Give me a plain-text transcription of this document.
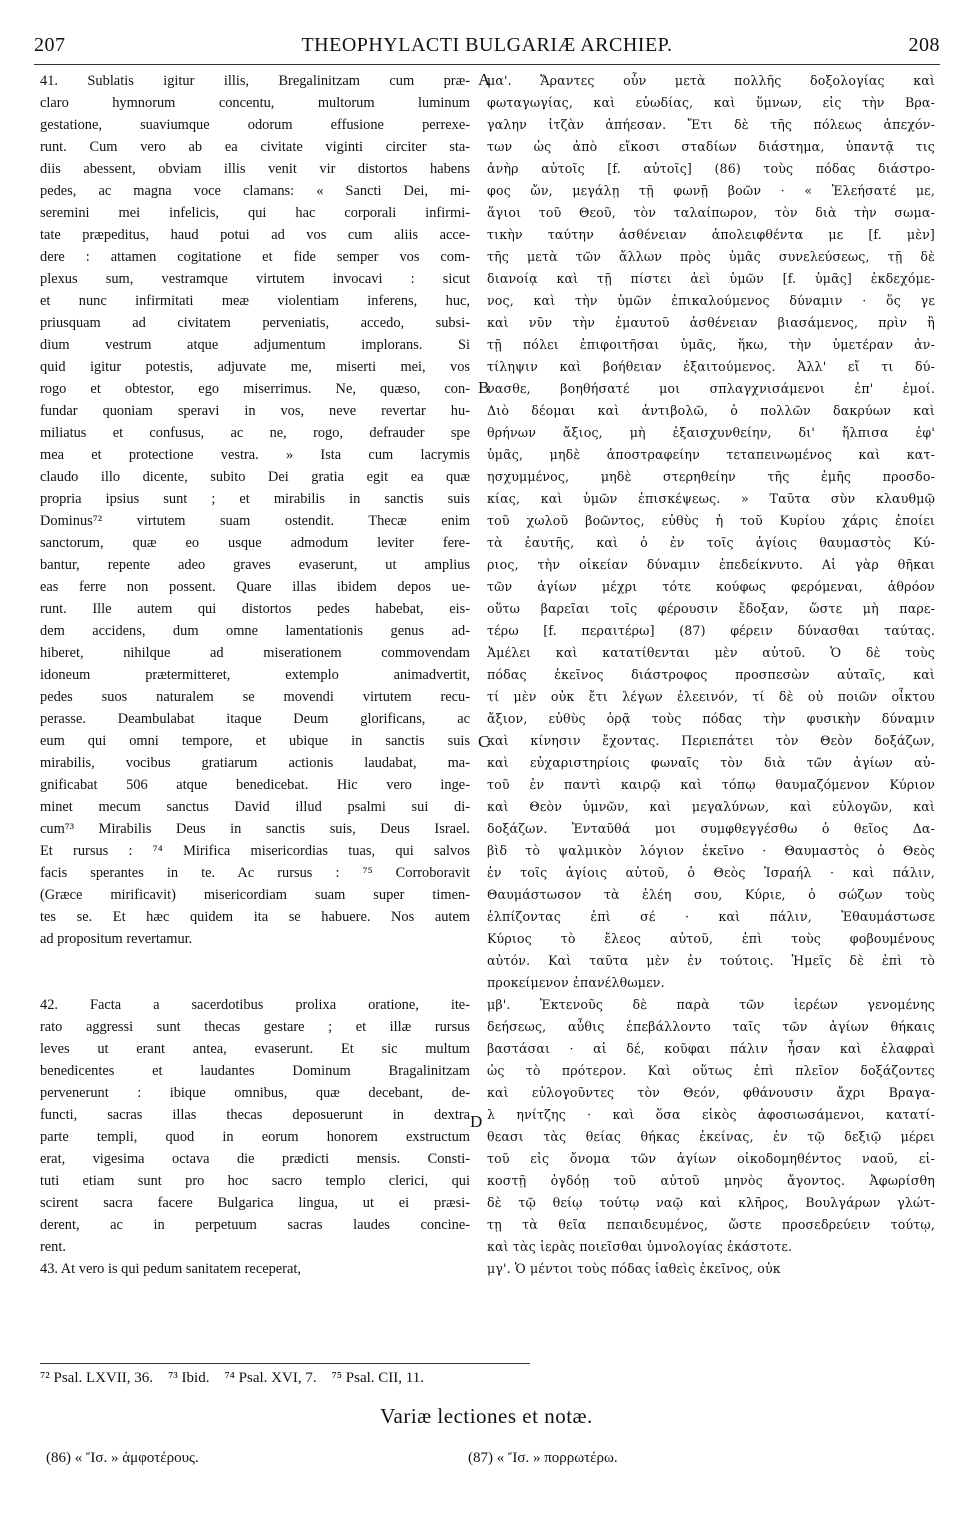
207	THEOPHYLACTI BULGARIÆ ARCHIEP.	208
41. Sublatis igitur illis, Bregalinitzam cum præ-
claro hymnorum concentu, multorum luminum
gestatione, suaviumque odorum effusione perrexe-
runt. Cum vero ab ea civitate viginti circiter sta-
diis abessent, obviam illis venit vir distortos habens
pedes, ac magna voce clamans: « Sancti Dei, mi-
seremini mei infelicis, qui hac corporali infirmi-
tate præpeditus, haud potui ad vos cum aliis acce-
dere : attamen cogitatione et fide semper vos com-
plexus sum, vestramque virtutem invocavi : sicut
et nunc infirmitati meæ violentiam inferens, huc,
priusquam ad civitatem perveniatis, accedo, subsi-
dium vestrum atque adjumentum implorans. Si
quid igitur potestis, adjuvate me, miserti mei, vos
rogo et obtestor, ego miserrimus. Ne, quæso, con-
fundar quoniam speravi in vos, neve revertar hu-
miliatus et confusus, ac ne, rogo, defrauder spe
mea et protectione vestra. » Ista cum lacrymis
claudo illo dicente, subito Dei gratia egit ea quæ
propria ipsius sunt ; et mirabilis in sanctis suis
Dominus⁷² virtutem suam ostendit. Thecæ enim
sanctorum, quæ eo usque admodum leviter fere-
bantur, repente adeo graves evaserunt, ut amplius
eas ferre non possent. Quare illas ibidem depos ue-
runt. Ille autem qui distortos pedes habebat, eis-
dem accidens, dum omne lamentationis genus ad-
hiberet, nihilque ad miserationem commovendam
idoneum prætermitteret, extemplo animadvertit,
pedes suos naturalem se movendi virtutem recu-
perasse. Deambulabat itaque Deum glorificans, ac
eum qui omni tempore, et ubique in sanctis suis
mirabilis, vocibus gratiarum actionis laudabat, ma-
gnificabat 506 atque benedicebat. Hic vero inge-
minet mecum sanctus David illud psalmi sui di-
cum⁷³ Mirabilis Deus in sanctis suis, Deus Israel.
Et rursus : ⁷⁴ Mirifica misericordias tuas, qui salvos
facis sperantes in te. Ac rursus : ⁷⁵ Corroboravit
(Græce mirificavit) misericordiam suam super timen-
tes se. Et hæc quidem ita se habuere. Nos autem
ad propositum revertamur.
42. Facta a sacerdotibus prolixa oratione, ite-
rato aggressi sunt thecas gestare ; et illæ rursus
leves ut erant antea, evaserunt. Et sic multum
benedicentes et laudantes Dominum Bragalinitzam
pervenerunt : ibique omnibus, quæ decebant, de-
functi, sacras illas thecas deposuerunt in dextra
parte templi, quod in eorum honorem exstructum
erat, vigesima octava die prædicti mensis. Consti-
tuti etiam sunt pro hoc sacro templo clerici, qui
scirent sacra facere Bulgarica lingua, ut ei præsi-
derent, ac in perpetuum sacras laudes concine-
rent.
43. At vero is qui pedum sanitatem receperat,
μα'. Ἄραντες οὖν μετὰ πολλῆς δοξολογίας καὶ
φωταγωγίας, καὶ εὐωδίας, καὶ ὕμνων, εἰς τὴν Βρα-
γαλην ἰτζὰν ἀπήεσαν. Ἔτι δὲ τῆς πόλεως ἀπεχόν-
των ὡς ἀπὸ εἴκοσι σταδίων διάστημα, ὑπαντᾷ τις
ἀνὴρ αὐτοῖς [f. αὐτοῖς] (86) τοὺς πόδας διάστρο-
φος ὤν, μεγάλῃ τῇ φωνῇ βοῶν · « Ἐλεήσατέ με,
ἅγιοι τοῦ Θεοῦ, τὸν ταλαίπωρον, τὸν διὰ τὴν σωμα-
τικὴν ταύτην ἀσθένειαν ἀπολειφθέντα με [f. μὲν]
τῆς μετὰ τῶν ἄλλων πρὸς ὑμᾶς συνελεύσεως, τῇ δὲ
διανοίᾳ καὶ τῇ πίστει ἀεὶ ὑμῶν [f. ὑμᾶς] ἐκδεχόμε-
νος, καὶ τὴν ὑμῶν ἐπικαλούμενος δύναμιν · ὅς γε
καὶ νῦν τὴν ἐμαυτοῦ ἀσθένειαν βιασάμενος, πρὶν ἢ
τῇ πόλει ἐπιφοιτῆσαι ὑμᾶς, ἥκω, τὴν ὑμετέραν ἀν-
τίληψιν καὶ βοήθειαν ἐξαιτούμενος. Ἀλλ' εἴ τι δύ-
νασθε, βοηθήσατέ μοι σπλαγχνισάμενοι ἐπ' ἐμοί.
Διὸ δέομαι καὶ ἀντιβολῶ, ὁ πολλῶν δακρύων καὶ
θρήνων ἄξιος, μὴ ἐξαισχυνθείην, δι' ἤλπισα ἐφ'
ὑμᾶς, μηδὲ ἀποστραφείην τεταπεινωμένος καὶ κατ-
ησχυμμένος, μηδὲ στερηθείην τῆς ἐμῆς προσδο-
κίας, καὶ ὑμῶν ἐπισκέψεως. » Ταῦτα σὺν κλαυθμῷ
τοῦ χωλοῦ βοῶντος, εὐθὺς ἡ τοῦ Κυρίου χάρις ἐποίει
τὰ ἑαυτῆς, καὶ ὁ ἐν τοῖς ἁγίοις θαυμαστὸς Κύ-
ριος, τὴν οἰκείαν δύναμιν ἐπεδείκνυτο. Αἱ γὰρ θῆκαι
τῶν ἁγίων μέχρι τότε κούφως φερόμεναι, ἀθρόον
οὕτω βαρεῖαι τοῖς φέρουσιν ἔδοξαν, ὥστε μὴ παρε-
τέρω [f. περαιτέρω] (87) φέρειν δύνασθαι ταύτας.
Ἀμέλει καὶ κατατίθενται μὲν αὐτοῦ. Ὁ δὲ τοὺς
πόδας ἐκεῖνος διάστροφος προσπεσὼν αὐταῖς, καὶ
τί μὲν οὐκ ἔτι λέγων ἐλεεινόν, τί δὲ οὐ ποιῶν οἶκτου
ἄξιον, εὐθὺς ὁρᾷ τοὺς πόδας τὴν φυσικὴν δύναμιν
καὶ κίνησιν ἔχοντας. Περιεπάτει τὸν Θεὸν δοξάζων,
καὶ εὐχαριστηρίοις φωναῖς τὸν διὰ τῶν ἁγίων αὐ-
τοῦ ἐν παντὶ καιρῷ καὶ τόπῳ θαυμαζόμενον Κύριον
καὶ Θεὸν ὑμνῶν, καὶ μεγαλύνων, καὶ εὐλογῶν, καὶ
δοξάζων. Ἐνταῦθά μοι συμφθεγγέσθω ὁ θεῖος Δα-
βὶδ τὸ ψαλμικὸν λόγιον ἐκεῖνο · Θαυμαστὸς ὁ Θεὸς
ἐν τοῖς ἁγίοις αὐτοῦ, ὁ Θεὸς Ἰσραήλ · καὶ πάλιν,
Θαυμάστωσον τὰ ἐλέη σου, Κύριε, ὁ σώζων τοὺς
ἐλπίζοντας ἐπὶ σέ · καὶ πάλιν, Ἐθαυμάστωσε
Κύριος τὸ ἔλεος αὐτοῦ, ἐπὶ τοὺς φοβουμένους
αὐτόν. Καὶ ταῦτα μὲν ἐν τούτοις. Ἡμεῖς δὲ ἐπὶ τὸ
προκείμενον ἐπανέλθωμεν.
μβ'. Ἐκτενοῦς δὲ παρὰ τῶν ἱερέων γενομένης
δεήσεως, αὖθις ἐπεβάλλοντο ταῖς τῶν ἁγίων θήκαις
βαστάσαι · αἱ δέ, κοῦφαι πάλιν ἦσαν καὶ ἐλαφραὶ
ὡς τὸ πρότερον. Καὶ οὕτως ἐπὶ πλεῖον δοξάζοντες
καὶ εὐλογοῦντες τὸν Θεόν, φθάνουσιν ἄχρι Βραγα-
λ ηνίτζης · καὶ ὅσα εἰκὸς ἀφοσιωσάμενοι, κατατί-
θεασι τὰς θείας θήκας ἐκείνας, ἐν τῷ δεξιῷ μέρει
τοῦ εἰς ὄνομα τῶν ἁγίων οἰκοδομηθέντος ναοῦ, εἰ-
κοστῇ ὀγδόῃ τοῦ αὐτοῦ μηνὸς ἄγοντος. Ἀφωρίσθη
δὲ τῷ θείῳ τούτῳ ναῷ καὶ κλῆρος, Βουλγάρων γλώτ-
τῃ τὰ θεῖα πεπαιδευμένος, ὥστε προσεδρεύειν τούτῳ,
καὶ τὰς ἱερὰς ποιεῖσθαι ὑμνολογίας ἑκάστοτε.
μγ'. Ὁ μέντοι τοὺς πόδας ἰαθεὶς ἐκεῖνος, οὐκ
A
B
C
D
⁷² Psal. LXVII, 36. ⁷³ Ibid. ⁷⁴ Psal. XVI, 7. ⁷⁵ Psal. CII, 11.
Variæ lectiones et notæ.
(86) « Ἴσ. » ἀμφοτέρους.	(87) « Ἴσ. » πορρωτέρω.
